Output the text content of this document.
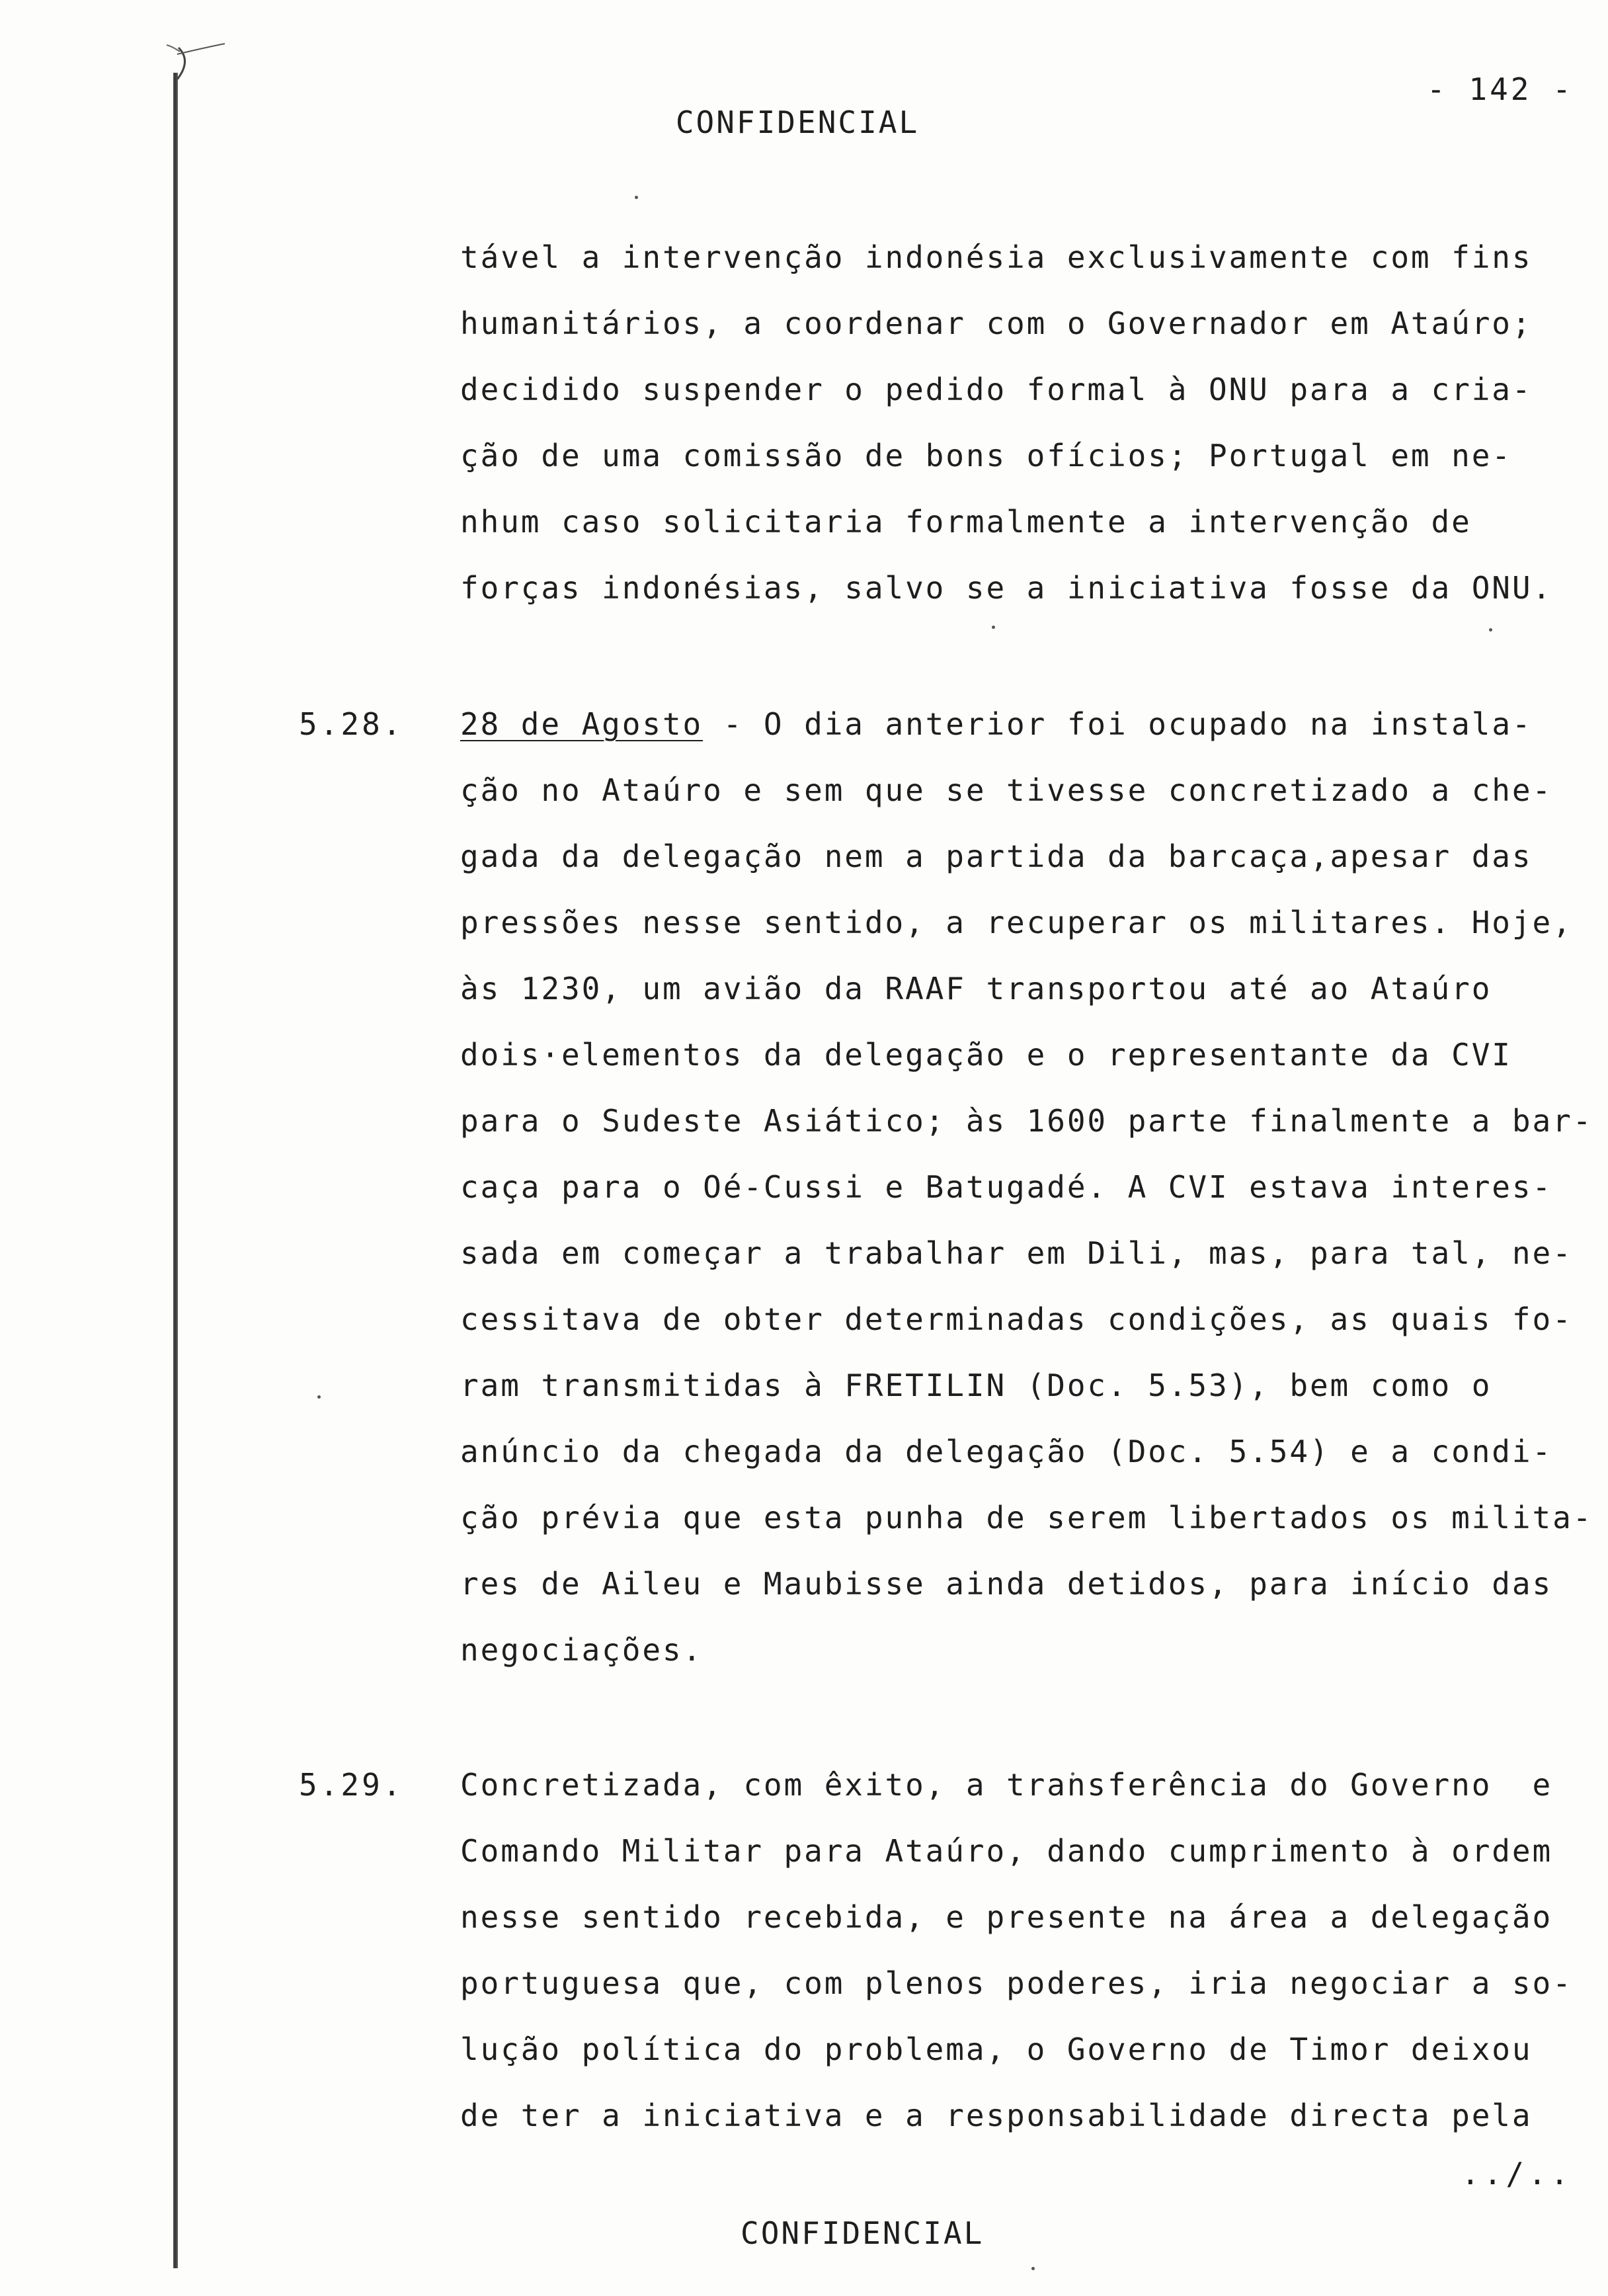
- 142 -
CONFIDENCIAL
tável a intervenção indonésia exclusivamente com fins
humanitários, a coordenar com o Governador em Ataúro;
decidido suspender o pedido formal à ONU para a cria-
ção de uma comissão de bons ofícios; Portugal em ne-
nhum caso solicitaria formalmente a intervenção de
forças indonésias, salvo se a iniciativa fosse da ONU.
5.28. 28 de Agosto - O dia anterior foi ocupado na instala-
ção no Ataúro e sem que se tivesse concretizado a che-
gada da delegação nem a partida da barcaça,apesar das
pressões nesse sentido, a recuperar os militares. Hoje,
às 1230, um avião da RAAF transportou até ao Ataúro
dois·elementos da delegação e o representante da CVI
para o Sudeste Asiático; às 1600 parte finalmente a bar-
caça para o Oé-Cussi e Batugadé. A CVI estava interes-
sada em começar a trabalhar em Dili, mas, para tal, ne-
cessitava de obter determinadas condições, as quais fo-
ram transmitidas à FRETILIN (Doc. 5.53), bem como o
anúncio da chegada da delegação (Doc. 5.54) e a condi-
ção prévia que esta punha de serem libertados os milita-
res de Aileu e Maubisse ainda detidos, para início das
negociações.
5.29. Concretizada, com êxito, a transferência do Governo  e
Comando Militar para Ataúro, dando cumprimento à ordem
nesse sentido recebida, e presente na área a delegação
portuguesa que, com plenos poderes, iria negociar a so-
lução política do problema, o Governo de Timor deixou
de ter a iniciativa e a responsabilidade directa pela
../..
CONFIDENCIAL
